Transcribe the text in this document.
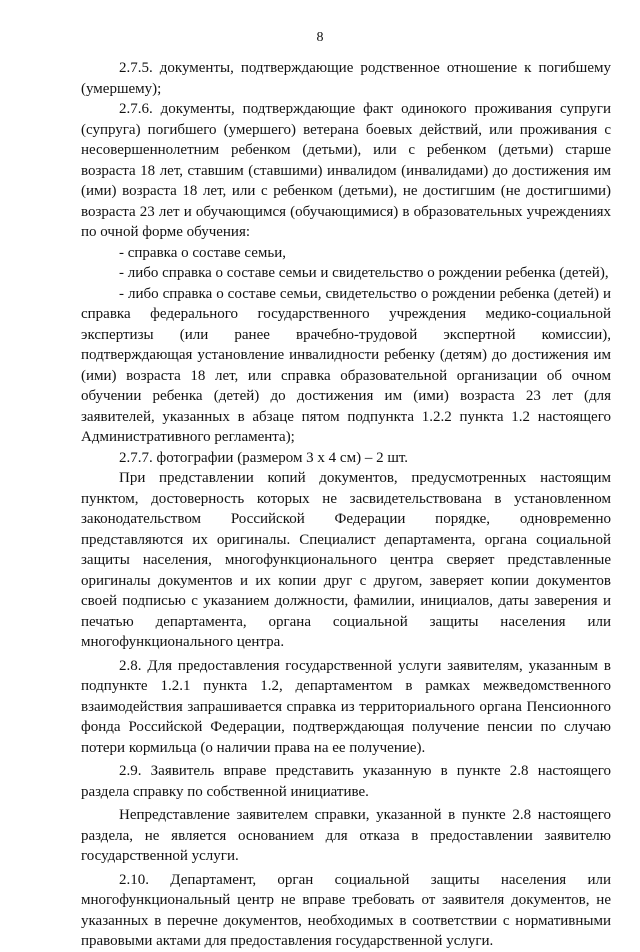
8

2.7.5. документы, подтверждающие родственное отношение к погибшему (умершему);

2.7.6. документы, подтверждающие факт одинокого проживания супруги (супруга) погибшего (умершего) ветерана боевых действий, или проживания с несовершеннолетним ребенком (детьми), или с ребенком (детьми) старше возраста 18 лет, ставшим (ставшими) инвалидом (инвалидами) до достижения им (ими) возраста 18 лет, или с ребенком (детьми), не достигшим (не достигшими) возраста 23 лет и обучающимся (обучающимися) в образовательных учреждениях по очной форме обучения:

- справка о составе семьи,

- либо справка о составе семьи и свидетельство о рождении ребенка (детей),

- либо справка о составе семьи, свидетельство о рождении ребенка (детей) и справка федерального государственного учреждения медико-социальной экспертизы (или ранее врачебно-трудовой экспертной комиссии), подтверждающая установление инвалидности ребенку (детям) до достижения им (ими) возраста 18 лет, или справка образовательной организации об очном обучении ребенка (детей) до достижения им (ими) возраста 23 лет (для заявителей, указанных в абзаце пятом подпункта 1.2.2 пункта 1.2 настоящего Административного регламента);

2.7.7. фотографии (размером 3 х 4 см) – 2 шт.

При представлении копий документов, предусмотренных настоящим пунктом, достоверность которых не засвидетельствована в установленном законодательством Российской Федерации порядке, одновременно представляются их оригиналы. Специалист департамента, органа социальной защиты населения, многофункционального центра сверяет представленные оригиналы документов и их копии друг с другом, заверяет копии документов своей подписью с указанием должности, фамилии, инициалов, даты заверения и печатью департамента, органа социальной защиты населения или многофункционального центра.

2.8. Для предоставления государственной услуги заявителям, указанным в подпункте 1.2.1 пункта 1.2, департаментом в рамках межведомственного взаимодействия запрашивается справка из территориального органа Пенсионного фонда Российской Федерации, подтверждающая получение пенсии по случаю потери кормильца (о наличии права на ее получение).

2.9. Заявитель вправе представить указанную в пункте 2.8 настоящего раздела справку по собственной инициативе.

Непредставление заявителем справки, указанной в пункте 2.8 настоящего раздела, не является основанием для отказа в предоставлении заявителю государственной услуги.

2.10. Департамент, орган социальной защиты населения или многофункциональный центр не вправе требовать от заявителя документов, не указанных в перечне документов, необходимых в соответствии с нормативными правовыми актами для предоставления государственной услуги.
